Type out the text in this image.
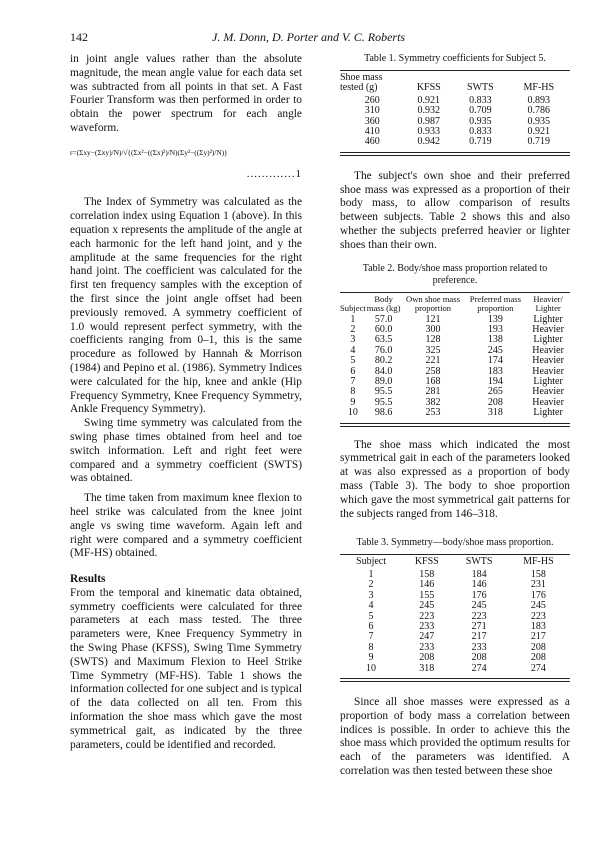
142	J. M. Donn, D. Porter and V. C. Roberts

in joint angle values rather than the absolute magnitude, the mean angle value for each data set was subtracted from all points in that set. A Fast Fourier Transform was then performed in order to obtain the power spectrum for each angle waveform.

r=(Σxy−(Σxy)/N)/√{(Σx²−((Σx)²)/N)(Σy²−((Σy)²)/N)}
.............1

The Index of Symmetry was calculated as the correlation index using Equation 1 (above). In this equation x represents the amplitude of the angle at each harmonic for the left hand joint, and y the amplitude at the same frequencies for the right hand joint. The coefficient was calculated for the first ten frequency samples with the exception of the first since the joint angle offset had been previously removed. A symmetry coefficient of 1.0 would represent perfect symmetry, with the coefficients ranging from 0–1, this is the same procedure as followed by Hannah & Morrison (1984) and Pepino et al. (1986). Symmetry Indices were calculated for the hip, knee and ankle (Hip Frequency Symmetry, Knee Frequency Symmetry, Ankle Frequency Symmetry).

Swing time symmetry was calculated from the swing phase times obtained from heel and toe switch information. Left and right feet were compared and a symmetry coefficient (SWTS) was obtained.

The time taken from maximum knee flexion to heel strike was calculated from the knee joint angle vs swing time waveform. Again left and right were compared and a symmetry coefficient (MF-HS) obtained.

Results

From the temporal and kinematic data obtained, symmetry coefficients were calculated for three parameters at each mass tested. The three parameters were, Knee Frequency Symmetry in the Swing Phase (KFSS), Swing Time Symmetry (SWTS) and Maximum Flexion to Heel Strike Time Symmetry (MF-HS). Table 1 shows the information collected for one subject and is typical of the data collected on all ten. From this information the shoe mass which gave the most symmetrical gait, as indicated by the three parameters, could be identified and recorded.

Table 1. Symmetry coefficients for Subject 5.
Shoe mass tested (g)	KFSS	SWTS	MF-HS
260	0.921	0.833	0.893
310	0.932	0.709	0.786
360	0.987	0.935	0.935
410	0.933	0.833	0.921
460	0.942	0.719	0.719

The subject's own shoe and their preferred shoe mass was expressed as a proportion of their body mass, to allow comparison of results between subjects. Table 2 shows this and also whether the subjects preferred heavier or lighter shoes than their own.

Table 2. Body/shoe mass proportion related to preference.
Subject	Body mass (kg)	Own shoe mass proportion	Preferred mass proportion	Heavier/ Lighter
1	57.0	121	139	Lighter
2	60.0	300	193	Heavier
3	63.5	128	138	Lighter
4	76.0	325	245	Heavier
5	80.2	221	174	Heavier
6	84.0	258	183	Heavier
7	89.0	168	194	Lighter
8	95.5	281	265	Heavier
9	95.5	382	208	Heavier
10	98.6	253	318	Lighter

The shoe mass which indicated the most symmetrical gait in each of the parameters looked at was also expressed as a proportion of body mass (Table 3). The body to shoe proportion which gave the most symmetrical gait patterns for the subjects ranged from 146–318.

Table 3. Symmetry—body/shoe mass proportion.
Subject	KFSS	SWTS	MF-HS
1	158	184	158
2	146	146	231
3	155	176	176
4	245	245	245
5	223	223	223
6	233	271	183
7	247	217	217
8	233	233	208
9	208	208	208
10	318	274	274

Since all shoe masses were expressed as a proportion of body mass a correlation between indices is possible. In order to achieve this the shoe mass which provided the optimum results for each of the parameters was identified. A correlation was then tested between these shoe
